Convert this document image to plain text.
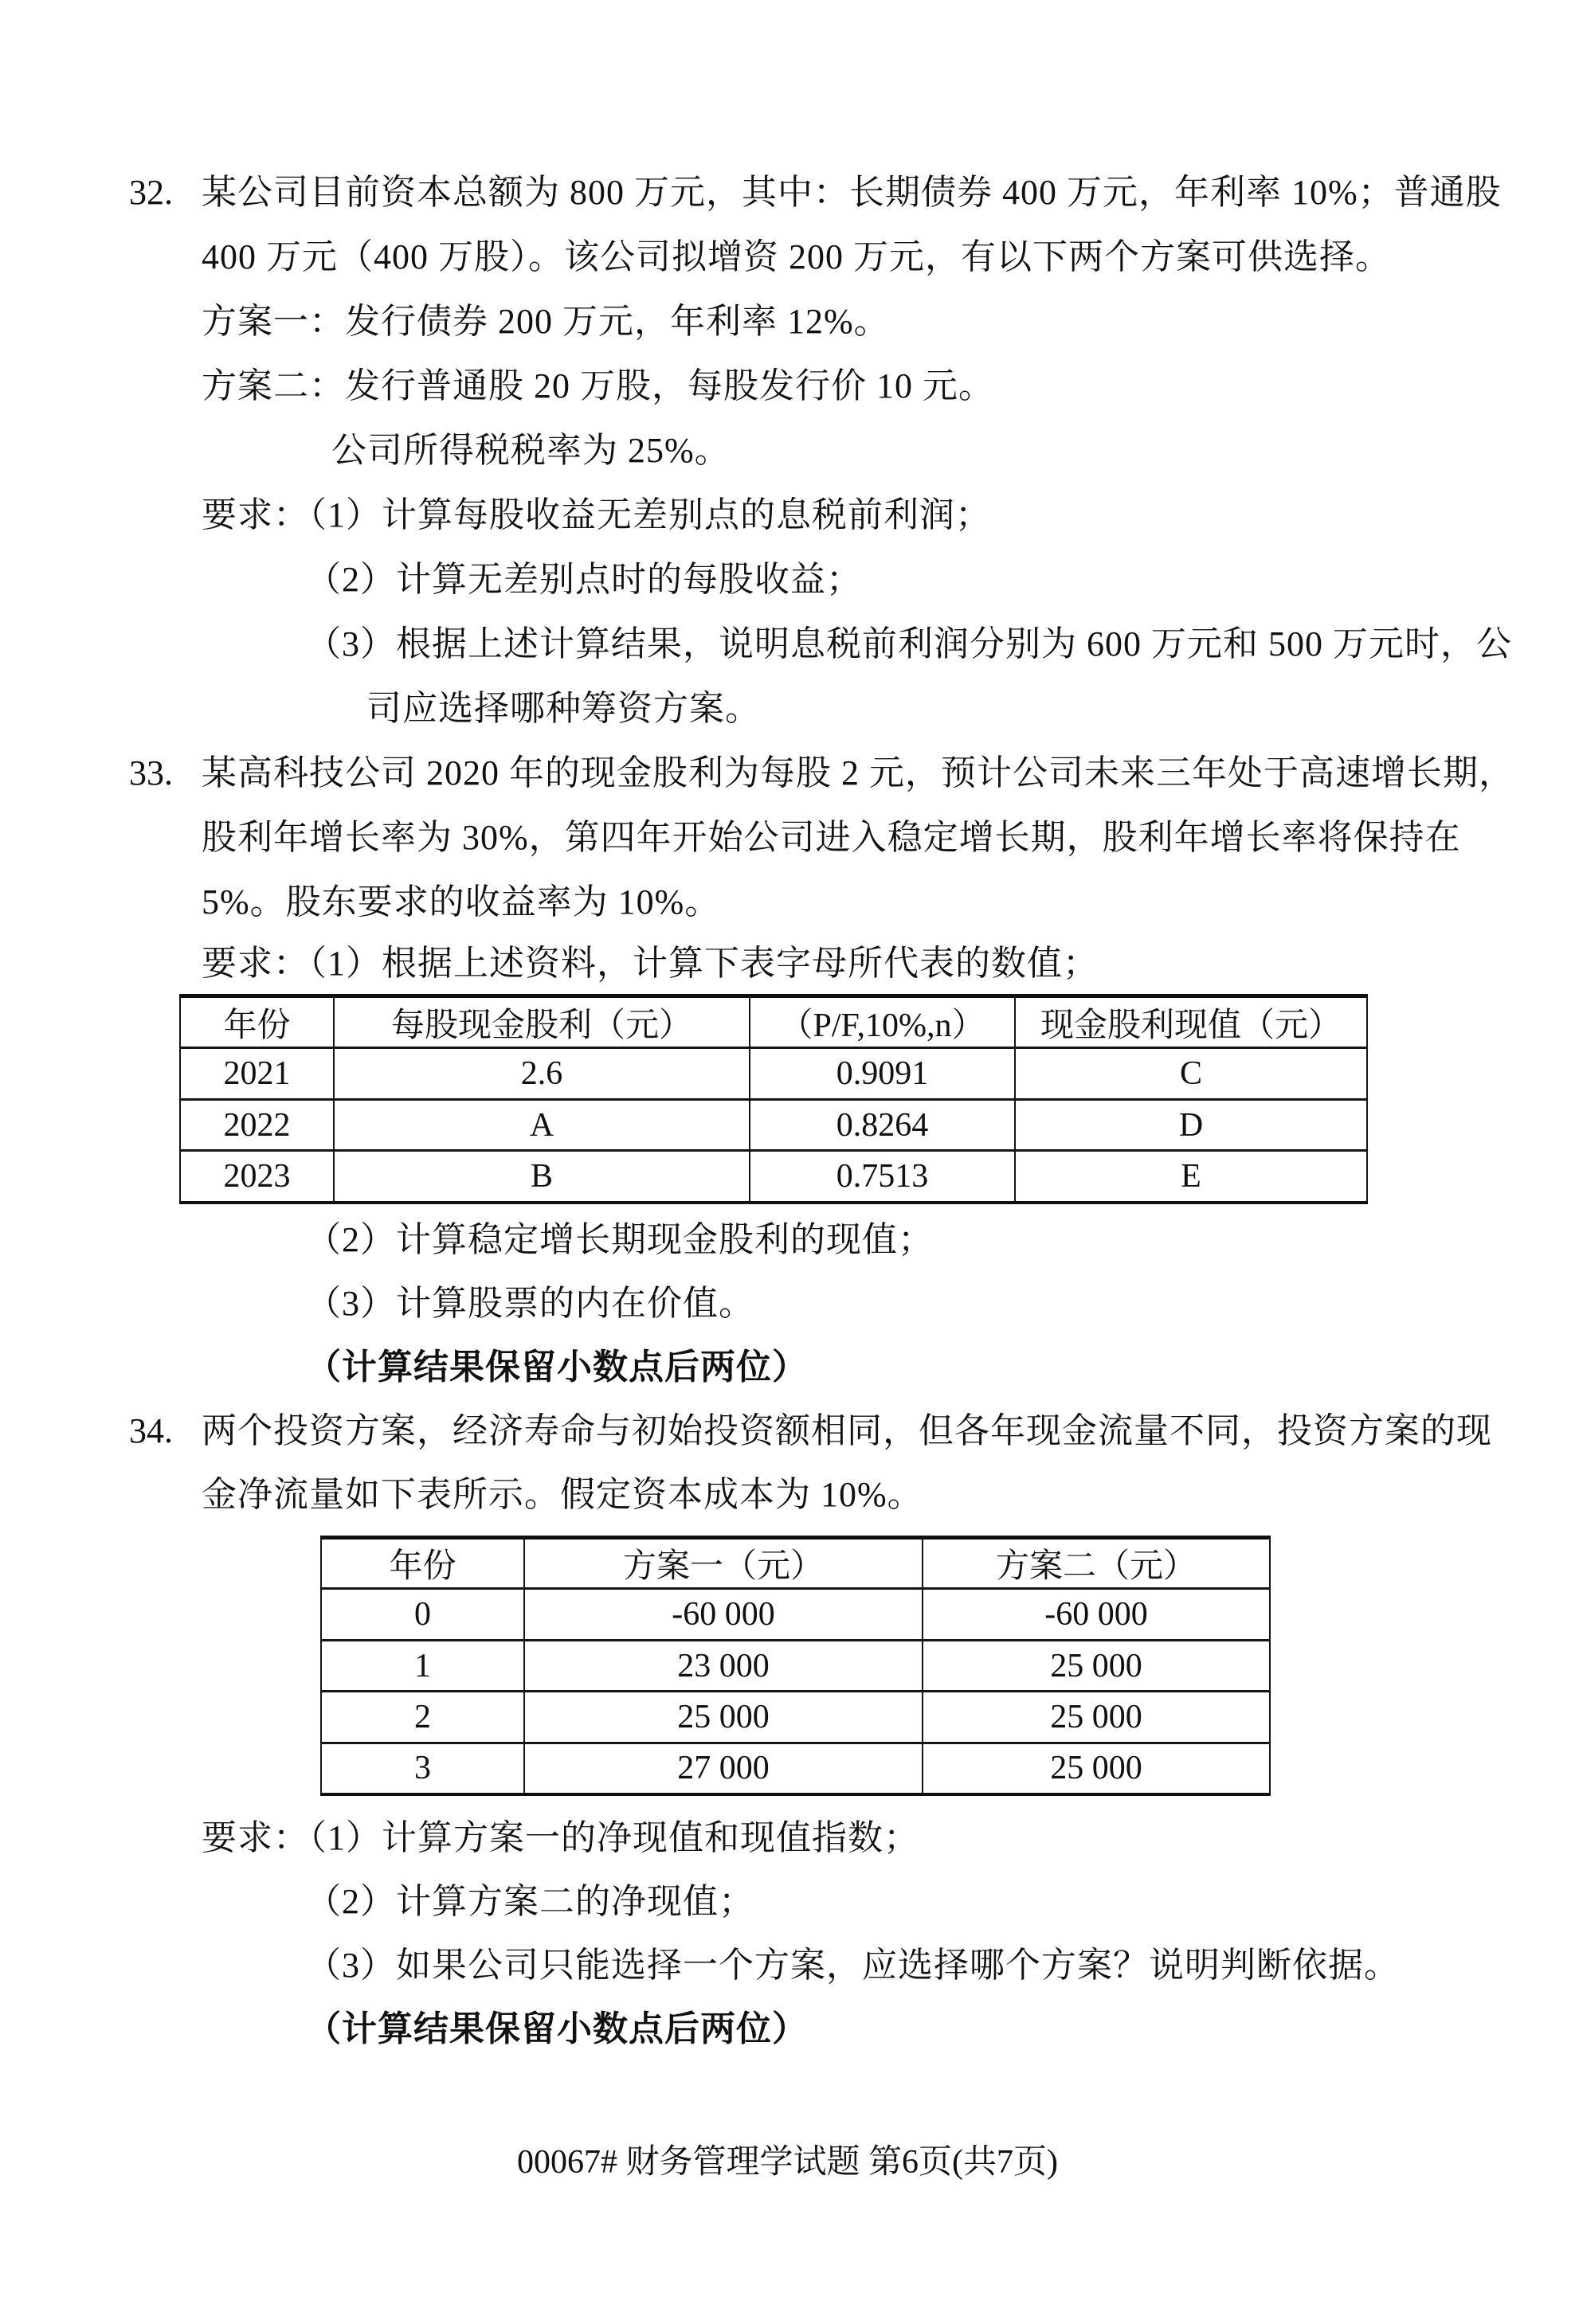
32. 某公司目前资本总额为 800 万元，其中：长期债券 400 万元，年利率 10%；普通股
400 万元（400 万股）。该公司拟增资 200 万元，有以下两个方案可供选择。
方案一：发行债券 200 万元，年利率 12%。
方案二：发行普通股 20 万股，每股发行价 10 元。
公司所得税税率为 25%。
要求：（1）计算每股收益无差别点的息税前利润；
（2）计算无差别点时的每股收益；
（3）根据上述计算结果，说明息税前利润分别为 600 万元和 500 万元时，公
司应选择哪种筹资方案。
33. 某高科技公司 2020 年的现金股利为每股 2 元，预计公司未来三年处于高速增长期，
股利年增长率为 30%，第四年开始公司进入稳定增长期，股利年增长率将保持在
5%。股东要求的收益率为 10%。
要求：（1）根据上述资料，计算下表字母所代表的数值；
年份	每股现金股利（元）	（P/F,10%,n）	现金股利现值（元）
2021	2.6	0.9091	C
2022	A	0.8264	D
2023	B	0.7513	E
（2）计算稳定增长期现金股利的现值；
（3）计算股票的内在价值。
（计算结果保留小数点后两位）
34. 两个投资方案，经济寿命与初始投资额相同，但各年现金流量不同，投资方案的现
金净流量如下表所示。假定资本成本为 10%。
年份	方案一（元）	方案二（元）
0	-60 000	-60 000
1	23 000	25 000
2	25 000	25 000
3	27 000	25 000
要求：（1）计算方案一的净现值和现值指数；
（2）计算方案二的净现值；
（3）如果公司只能选择一个方案，应选择哪个方案？说明判断依据。
（计算结果保留小数点后两位）
00067# 财务管理学试题 第6页(共7页)
